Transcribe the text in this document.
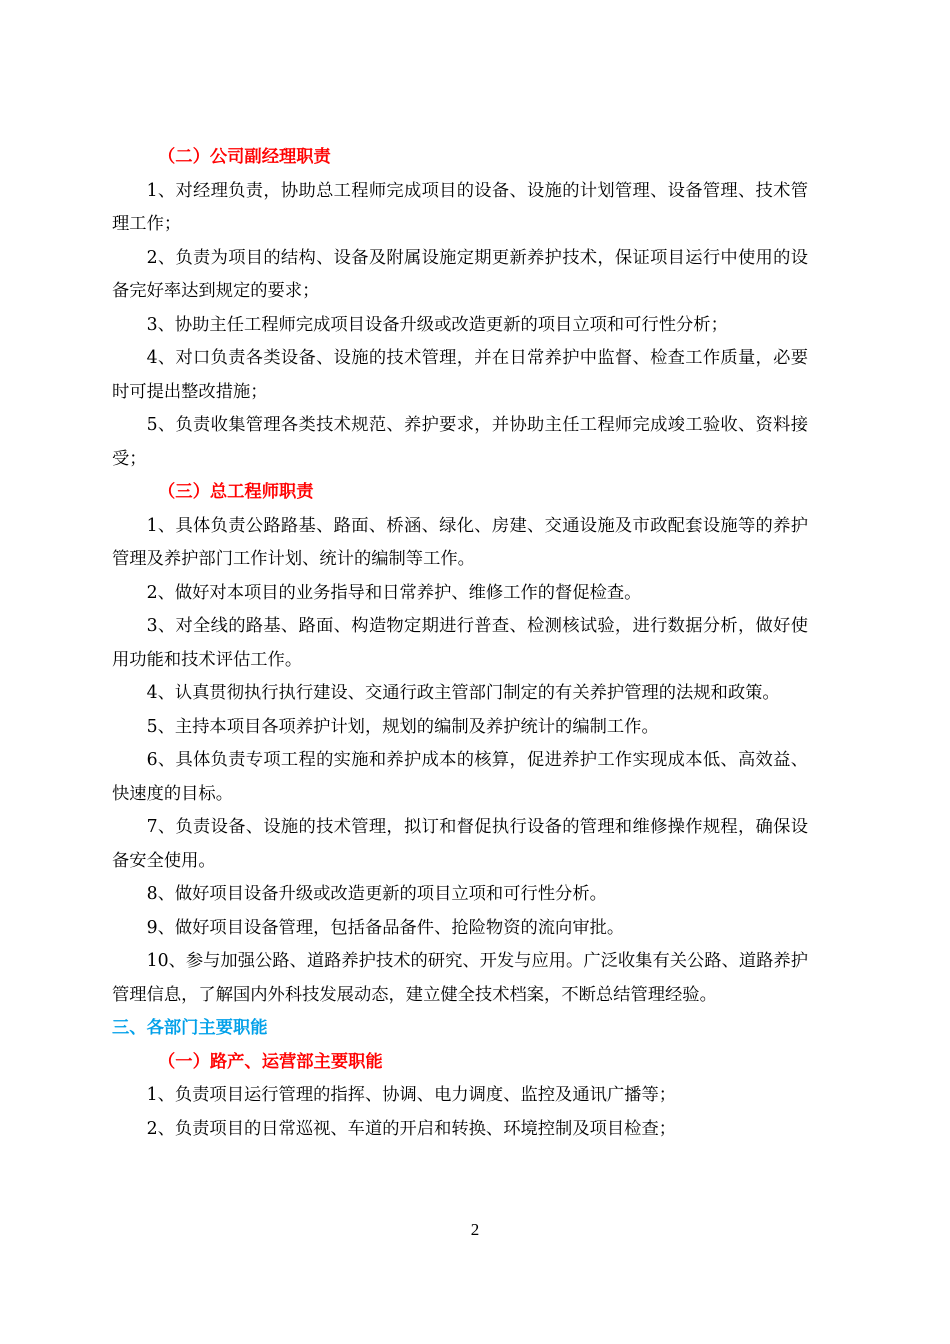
（二）公司副经理职责

1、对经理负责，协助总工程师完成项目的设备、设施的计划管理、设备管理、技术管理工作；

2、负责为项目的结构、设备及附属设施定期更新养护技术，保证项目运行中使用的设备完好率达到规定的要求；

3、协助主任工程师完成项目设备升级或改造更新的项目立项和可行性分析；

4、对口负责各类设备、设施的技术管理，并在日常养护中监督、检查工作质量，必要时可提出整改措施；

5、负责收集管理各类技术规范、养护要求，并协助主任工程师完成竣工验收、资料接受；

（三）总工程师职责

1、具体负责公路路基、路面、桥涵、绿化、房建、交通设施及市政配套设施等的养护管理及养护部门工作计划、统计的编制等工作。

2、做好对本项目的业务指导和日常养护、维修工作的督促检查。

3、对全线的路基、路面、构造物定期进行普查、检测核试验，进行数据分析，做好使用功能和技术评估工作。

4、认真贯彻执行执行建设、交通行政主管部门制定的有关养护管理的法规和政策。

5、主持本项目各项养护计划，规划的编制及养护统计的编制工作。

6、具体负责专项工程的实施和养护成本的核算，促进养护工作实现成本低、高效益、快速度的目标。

7、负责设备、设施的技术管理，拟订和督促执行设备的管理和维修操作规程，确保设备安全使用。

8、做好项目设备升级或改造更新的项目立项和可行性分析。

9、做好项目设备管理，包括备品备件、抢险物资的流向审批。

10、参与加强公路、道路养护技术的研究、开发与应用。广泛收集有关公路、道路养护管理信息，了解国内外科技发展动态，建立健全技术档案，不断总结管理经验。

三、各部门主要职能

（一）路产、运营部主要职能

1、负责项目运行管理的指挥、协调、电力调度、监控及通讯广播等；

2、负责项目的日常巡视、车道的开启和转换、环境控制及项目检查；

2
